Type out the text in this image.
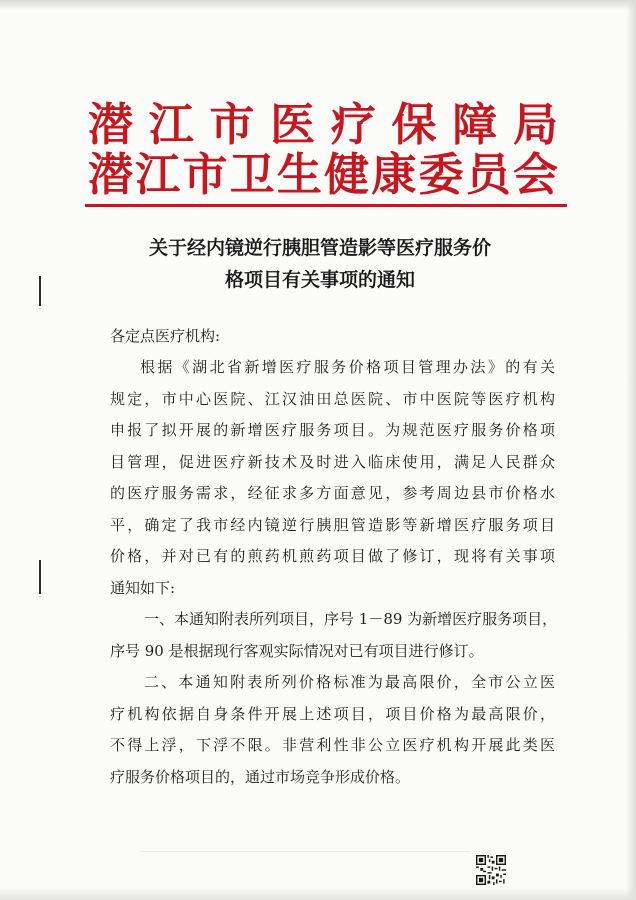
潜江市医疗保障局
潜江市卫生健康委员会
关于经内镜逆行胰胆管造影等医疗服务价
格项目有关事项的通知
各定点医疗机构:
根据《湖北省新增医疗服务价格项目管理办法》的有关
规定，市中心医院、江汉油田总医院、市中医院等医疗机构
申报了拟开展的新增医疗服务项目。为规范医疗服务价格项
目管理，促进医疗新技术及时进入临床使用，满足人民群众
的医疗服务需求，经征求多方面意见，参考周边县市价格水
平，确定了我市经内镜逆行胰胆管造影等新增医疗服务项目
价格，并对已有的煎药机煎药项目做了修订，现将有关事项
通知如下:
一、本通知附表所列项目，序号 1－89 为新增医疗服务项目，
序号 90 是根据现行客观实际情况对已有项目进行修订。
二、本通知附表所列价格标准为最高限价，全市公立医
疗机构依据自身条件开展上述项目，项目价格为最高限价，
不得上浮，下浮不限。非营利性非公立医疗机构开展此类医
疗服务价格项目的，通过市场竞争形成价格。
